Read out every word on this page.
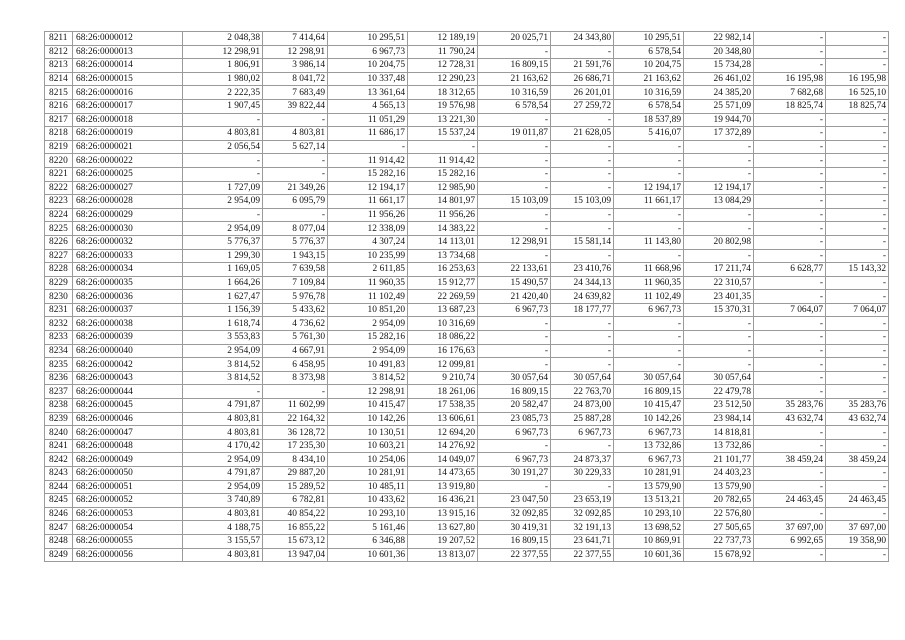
8211	68:26:0000012	2 048,38	7 414,64	10 295,51	12 189,19	20 025,71	24 343,80	10 295,51	22 982,14	-	-
8212	68:26:0000013	12 298,91	12 298,91	6 967,73	11 790,24	-	-	6 578,54	20 348,80	-	-
8213	68:26:0000014	1 806,91	3 986,14	10 204,75	12 728,31	16 809,15	21 591,76	10 204,75	15 734,28	-	-
8214	68:26:0000015	1 980,02	8 041,72	10 337,48	12 290,23	21 163,62	26 686,71	21 163,62	26 461,02	16 195,98	16 195,98
8215	68:26:0000016	2 222,35	7 683,49	13 361,64	18 312,65	10 316,59	26 201,01	10 316,59	24 385,20	7 682,68	16 525,10
8216	68:26:0000017	1 907,45	39 822,44	4 565,13	19 576,98	6 578,54	27 259,72	6 578,54	25 571,09	18 825,74	18 825,74
8217	68:26:0000018	-	-	11 051,29	13 221,30	-	-	18 537,89	19 944,70	-	-
8218	68:26:0000019	4 803,81	4 803,81	11 686,17	15 537,24	19 011,87	21 628,05	5 416,07	17 372,89	-	-
8219	68:26:0000021	2 056,54	5 627,14	-	-	-	-	-	-	-	-
8220	68:26:0000022	-	-	11 914,42	11 914,42	-	-	-	-	-	-
8221	68:26:0000025	-	-	15 282,16	15 282,16	-	-	-	-	-	-
8222	68:26:0000027	1 727,09	21 349,26	12 194,17	12 985,90	-	-	12 194,17	12 194,17	-	-
8223	68:26:0000028	2 954,09	6 095,79	11 661,17	14 801,97	15 103,09	15 103,09	11 661,17	13 084,29	-	-
8224	68:26:0000029	-	-	11 956,26	11 956,26	-	-	-	-	-	-
8225	68:26:0000030	2 954,09	8 077,04	12 338,09	14 383,22	-	-	-	-	-	-
8226	68:26:0000032	5 776,37	5 776,37	4 307,24	14 113,01	12 298,91	15 581,14	11 143,80	20 802,98	-	-
8227	68:26:0000033	1 299,30	1 943,15	10 235,99	13 734,68	-	-	-	-	-	-
8228	68:26:0000034	1 169,05	7 639,58	2 611,85	16 253,63	22 133,61	23 410,76	11 668,96	17 211,74	6 628,77	15 143,32
8229	68:26:0000035	1 664,26	7 109,84	11 960,35	15 912,77	15 490,57	24 344,13	11 960,35	22 310,57	-	-
8230	68:26:0000036	1 627,47	5 976,78	11 102,49	22 269,59	21 420,40	24 639,82	11 102,49	23 401,35	-	-
8231	68:26:0000037	1 156,39	5 433,62	10 851,20	13 687,23	6 967,73	18 177,77	6 967,73	15 370,31	7 064,07	7 064,07
8232	68:26:0000038	1 618,74	4 736,62	2 954,09	10 316,69	-	-	-	-	-	-
8233	68:26:0000039	3 553,83	5 761,30	15 282,16	18 086,22	-	-	-	-	-	-
8234	68:26:0000040	2 954,09	4 667,91	2 954,09	16 176,63	-	-	-	-	-	-
8235	68:26:0000042	3 814,52	6 458,95	10 491,83	12 099,81	-	-	-	-	-	-
8236	68:26:0000043	3 814,52	8 373,98	3 814,52	9 210,74	30 057,64	30 057,64	30 057,64	30 057,64	-	-
8237	68:26:0000044	-	-	12 298,91	18 261,06	16 809,15	22 763,70	16 809,15	22 479,78	-	-
8238	68:26:0000045	4 791,87	11 602,99	10 415,47	17 538,35	20 582,47	24 873,00	10 415,47	23 512,50	35 283,76	35 283,76
8239	68:26:0000046	4 803,81	22 164,32	10 142,26	13 606,61	23 085,73	25 887,28	10 142,26	23 984,14	43 632,74	43 632,74
8240	68:26:0000047	4 803,81	36 128,72	10 130,51	12 694,20	6 967,73	6 967,73	6 967,73	14 818,81	-	-
8241	68:26:0000048	4 170,42	17 235,30	10 603,21	14 276,92	-	-	13 732,86	13 732,86	-	-
8242	68:26:0000049	2 954,09	8 434,10	10 254,06	14 049,07	6 967,73	24 873,37	6 967,73	21 101,77	38 459,24	38 459,24
8243	68:26:0000050	4 791,87	29 887,20	10 281,91	14 473,65	30 191,27	30 229,33	10 281,91	24 403,23	-	-
8244	68:26:0000051	2 954,09	15 289,52	10 485,11	13 919,80	-	-	13 579,90	13 579,90	-	-
8245	68:26:0000052	3 740,89	6 782,81	10 433,62	16 436,21	23 047,50	23 653,19	13 513,21	20 782,65	24 463,45	24 463,45
8246	68:26:0000053	4 803,81	40 854,22	10 293,10	13 915,16	32 092,85	32 092,85	10 293,10	22 576,80	-	-
8247	68:26:0000054	4 188,75	16 855,22	5 161,46	13 627,80	30 419,31	32 191,13	13 698,52	27 505,65	37 697,00	37 697,00
8248	68:26:0000055	3 155,57	15 673,12	6 346,88	19 207,52	16 809,15	23 641,71	10 869,91	22 737,73	6 992,65	19 358,90
8249	68:26:0000056	4 803,81	13 947,04	10 601,36	13 813,07	22 377,55	22 377,55	10 601,36	15 678,92	-	-
